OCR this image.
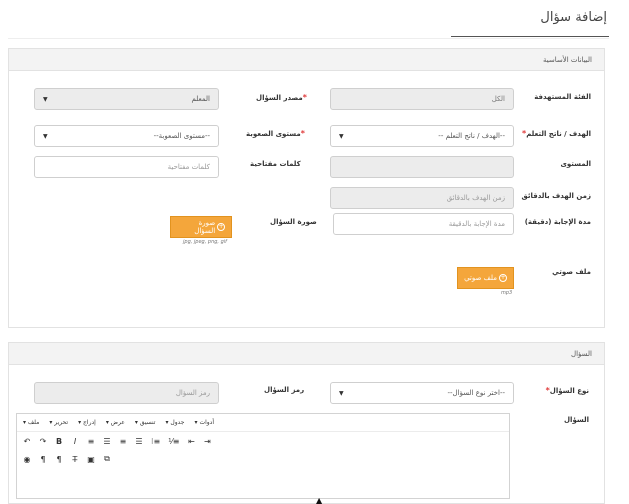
إضافة سؤال
البيانات الأساسية
الفئة المستهدفة
الكل
*مصدر السؤال
المعلم
▼
الهدف / ناتج التعلم*
--الهدف / ناتج التعلم --
▼
*مستوى الصعوبة
--مستوى الصعوبة--
▼
المستوى
كلمات مفتاحية
كلمات مفتاحية
زمن الهدف بالدقائق
زمن الهدف بالدقائق
مدة الإجابة (دقيقة)
مدة الإجابة بالدقيقة
صورة السؤال
+
صورة السؤال
jpg, jpeg, png, gif
ملف صوتي
+
ملف صوتي
mp3
السؤال
نوع السؤال*
--اختر نوع السؤال--
▼
رمز السؤال
رمز السؤال
السؤال
▾ ملف ▾ تحرير ▾ إدراج ▾ عرض ▾ تنسيق ▾ جدول ▾ أدوات
↶ ↷ B	I	≡ ☰ ≡ ☰ ⁝≡ ⅟≡ ⇤ ⇥
◉ ¶ ¶ T̶ ▣ ⧉
▲
